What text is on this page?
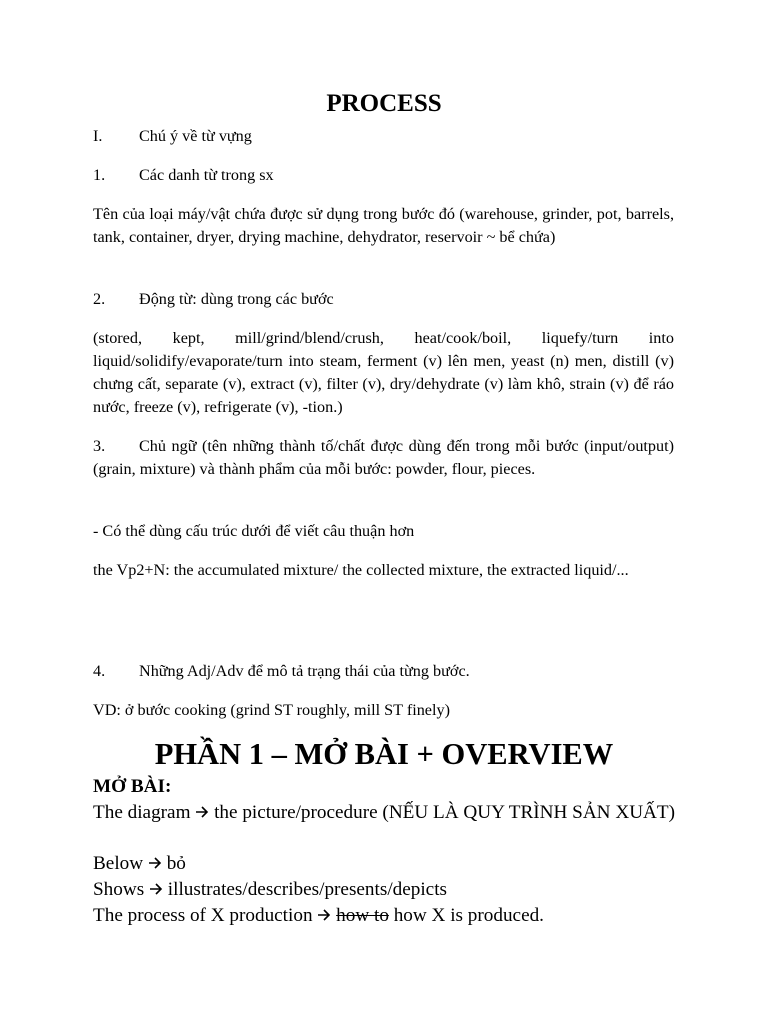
PROCESS

I. Chú ý về từ vựng

1. Các danh từ trong sx

Tên của loại máy/vật chứa được sử dụng trong bước đó (warehouse, grinder, pot, barrels, tank, container, dryer, drying machine, dehydrator, reservoir ~ bể chứa)

2. Động từ: dùng trong các bước

(stored, kept, mill/grind/blend/crush, heat/cook/boil, liquefy/turn into liquid/solidify/evaporate/turn into steam, ferment (v) lên men, yeast (n) men, distill (v) chưng cất, separate (v), extract (v), filter (v), dry/dehydrate (v) làm khô, strain (v) để ráo nước, freeze (v), refrigerate (v), -tion.)

3. Chủ ngữ (tên những thành tố/chất được dùng đến trong mỗi bước (input/output) (grain, mixture) và thành phẩm của mỗi bước: powder, flour, pieces.

- Có thể dùng cấu trúc dưới để viết câu thuận hơn

the Vp2+N: the accumulated mixture/ the collected mixture, the extracted liquid/...

4. Những Adj/Adv để mô tả trạng thái của từng bước.

VD: ở bước cooking (grind ST roughly, mill ST finely)

PHẦN 1 – MỞ BÀI + OVERVIEW

MỞ BÀI:

The diagram the picture/procedure (NẾU LÀ QUY TRÌNH SẢN XUẤT)

Below bỏ

Shows illustrates/describes/presents/depicts

The process of X production how to how X is produced.
